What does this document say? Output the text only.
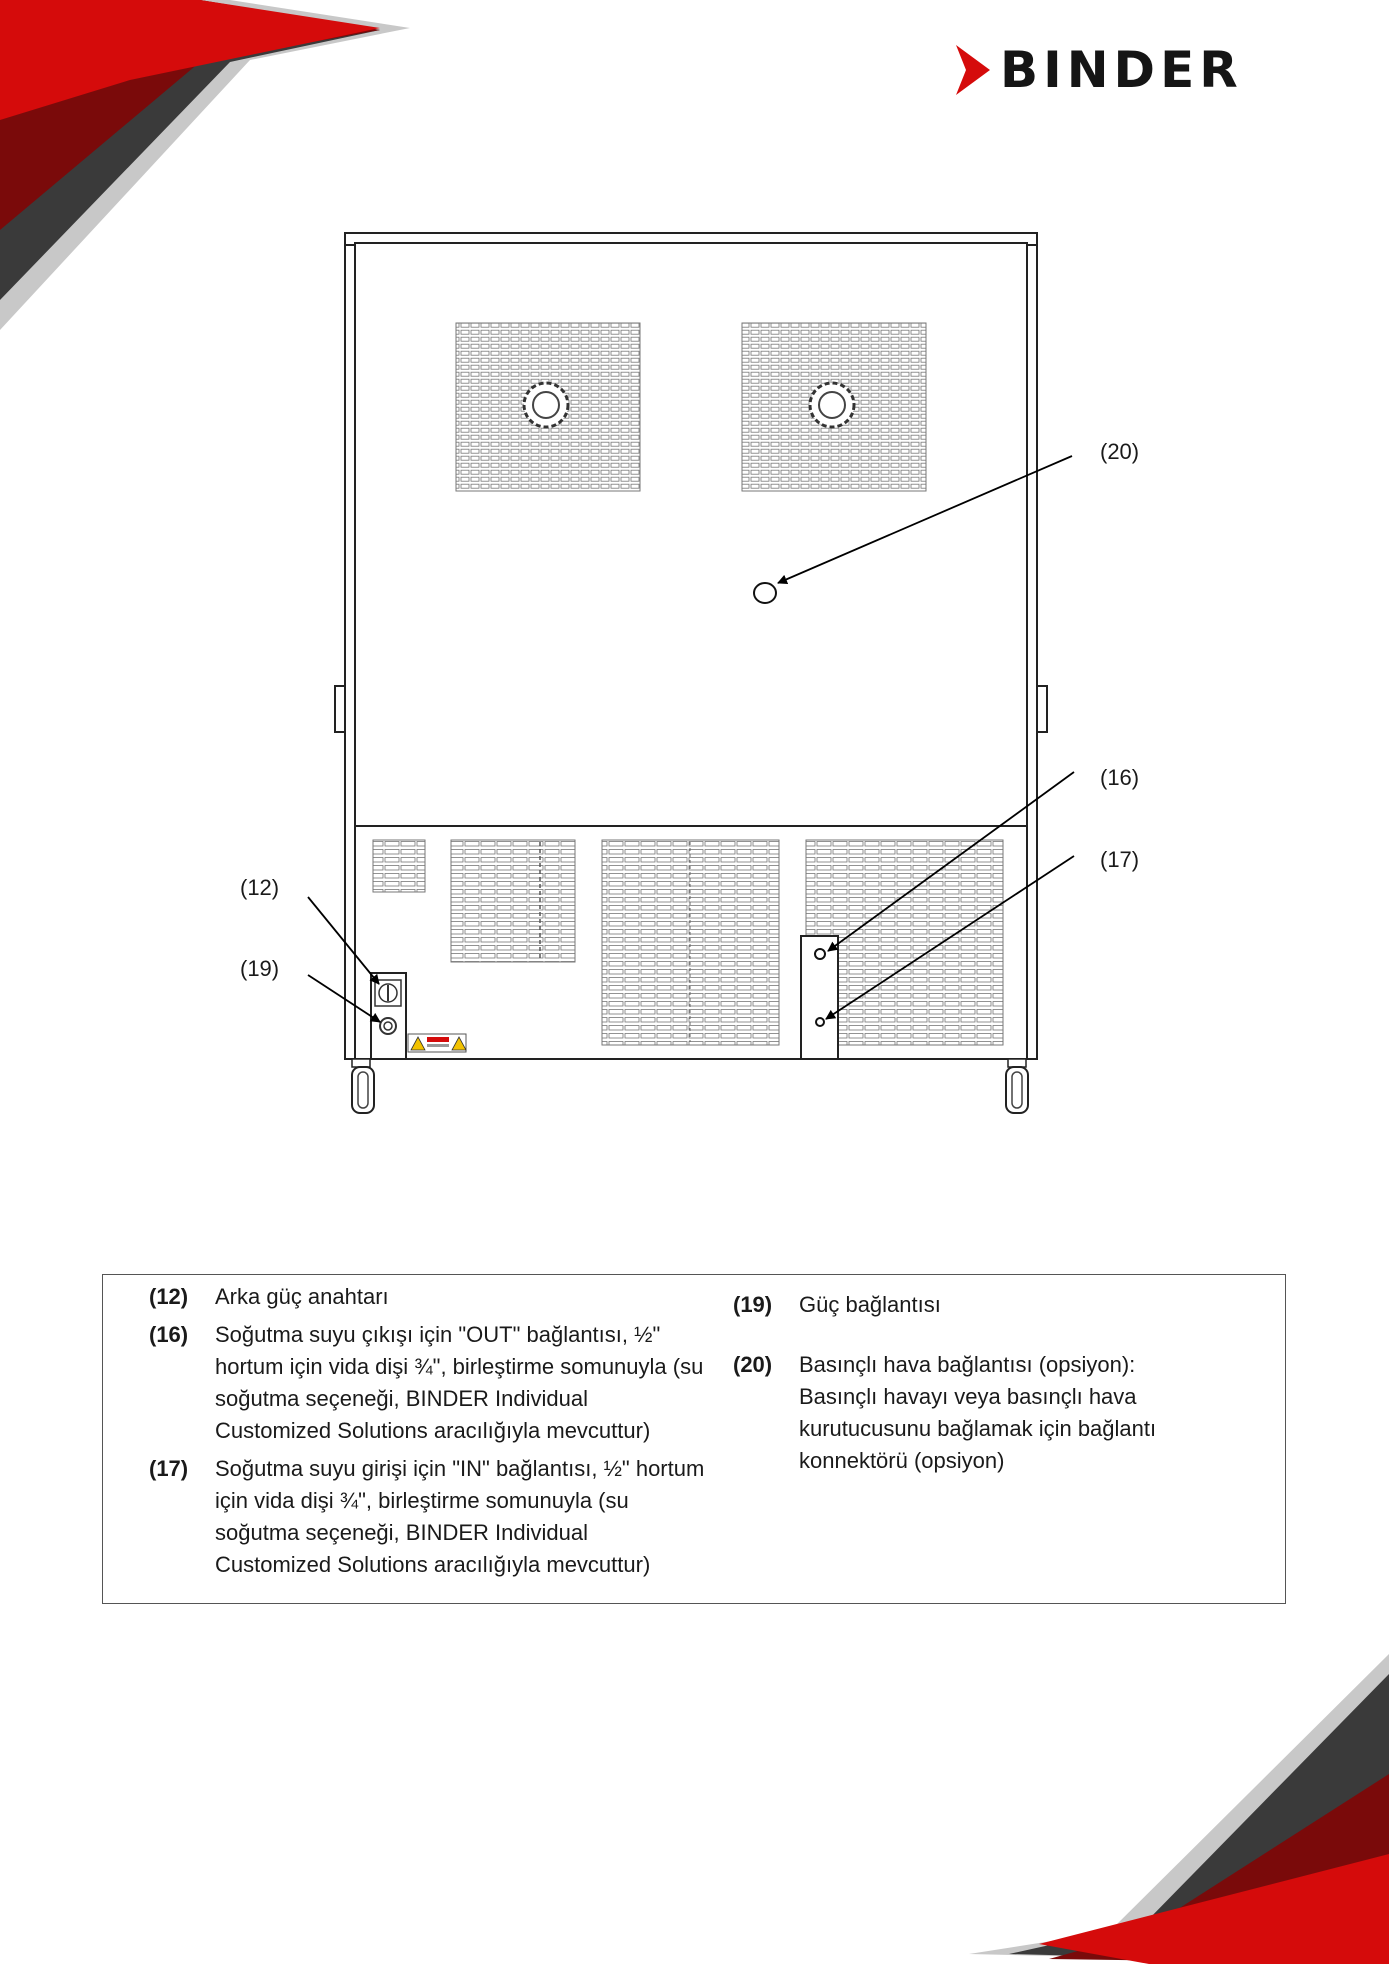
BINDER
(20)
(16)
(17)
(12)
(19)
(12)	Arka güç anahtarı
(16)	Soğutma suyu çıkışı için "OUT" bağlantısı, ½" hortum için vida dişi ¾", birleştirme somunuyla (su soğutma seçeneği, BINDER Individual Customized Solutions aracılığıyla mevcuttur)
(17)	Soğutma suyu girişi için "IN" bağlantısı, ½" hortum için vida dişi ¾", birleştirme somunuyla (su soğutma seçeneği, BINDER Individual Customized Solutions aracılığıyla mevcuttur)
(19)	Güç bağlantısı
(20)	Basınçlı hava bağlantısı (opsiyon): Basınçlı havayı veya basınçlı hava kurutucusunu bağlamak için bağlantı konnektörü (opsiyon)
